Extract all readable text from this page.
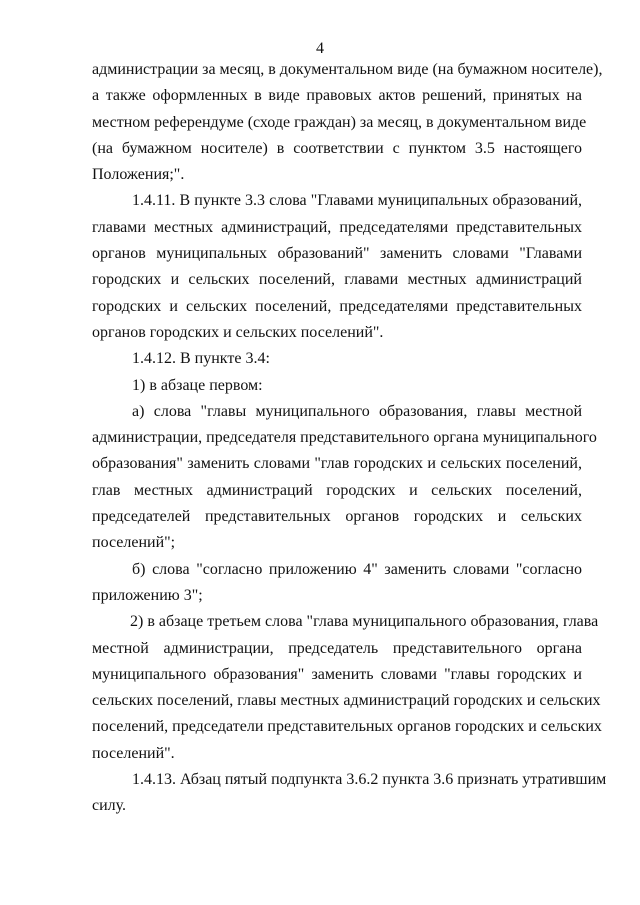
4
администрации за месяц, в документальном виде (на бумажном носителе),
а также оформленных в виде правовых актов решений, принятых на
местном референдуме (сходе граждан) за месяц, в документальном виде
(на бумажном носителе) в соответствии с пунктом 3.5 настоящего
Положения;".
1.4.11. В пункте 3.3 слова "Главами муниципальных образований,
главами местных администраций, председателями представительных
органов муниципальных образований" заменить словами "Главами
городских и сельских поселений, главами местных администраций
городских и сельских поселений, председателями представительных
органов городских и сельских поселений".
1.4.12. В пункте 3.4:
1) в абзаце первом:
а) слова "главы муниципального образования, главы местной
администрации, председателя представительного органа муниципального
образования" заменить словами "глав городских и сельских поселений,
глав местных администраций городских и сельских поселений,
председателей представительных органов городских и сельских
поселений";
б) слова "согласно приложению 4" заменить словами "согласно
приложению 3";
2) в абзаце третьем слова "глава муниципального образования, глава
местной администрации, председатель представительного органа
муниципального образования" заменить словами "главы городских и
сельских поселений, главы местных администраций городских и сельских
поселений, председатели представительных органов городских и сельских
поселений".
1.4.13. Абзац пятый подпункта 3.6.2 пункта 3.6 признать утратившим
силу.
